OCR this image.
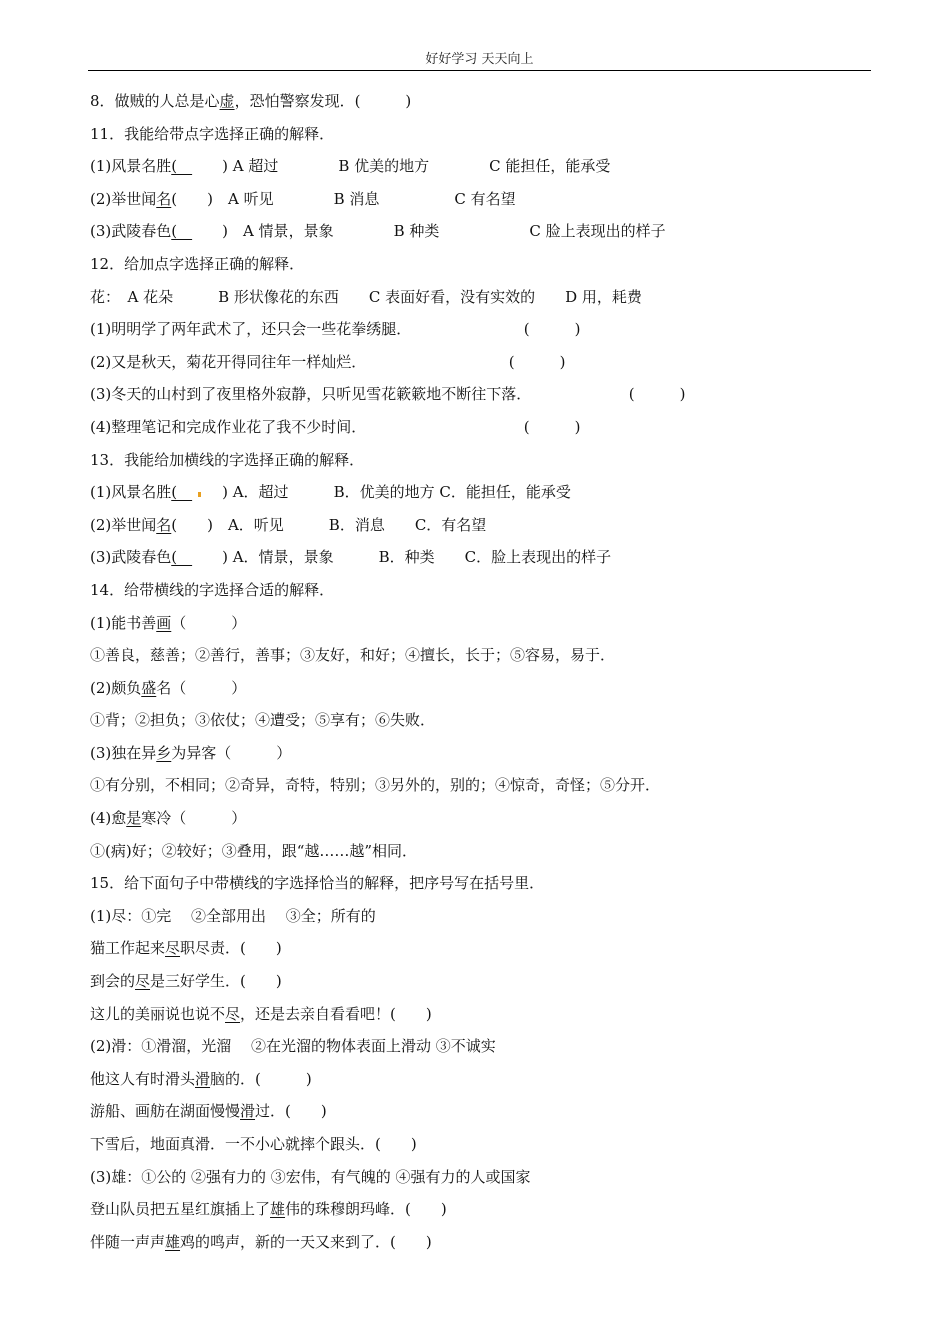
好好学习 天天向上
8．做贼的人总是心虚，恐怕警察发现．(　　　)
11．我能给带点字选择正确的解释．
(1)风景名胜(　　　) A 超过　　　　B 优美的地方　　　　C 能担任，能承受
(2)举世闻名(　　)　A 听见　　　　B 消息　　　　　C 有名望
(3)武陵春色(　　　)　A 情景，景象　　　　B 种类　　　　　　C 脸上表现出的样子
12．给加点字选择正确的解释．
花：　A 花朵　　　B 形状像花的东西　　C 表面好看，没有实效的　　D 用，耗费
(1)明明学了两年武术了，还只会一些花拳绣腿．　　　　　　　　(　　　)
(2)又是秋天，菊花开得同往年一样灿烂．　　　　　　　　　　(　　　)
(3)冬天的山村到了夜里格外寂静，只听见雪花簌簌地不断往下落．　　　　　　　(　　　)
(4)整理笔记和完成作业花了我不少时间．　　　　　　　　　　　(　　　)
13．我能给加横线的字选择正确的解释．
(1)风景名胜(　　) A．超过　　　B．优美的地方 C．能担任，能承受
(2)举世闻名(　　)　A．听见　　　B．消息　　C．有名望
(3)武陵春色(　　　) A．情景，景象　　　B．种类　　C．脸上表现出的样子
14．给带横线的字选择合适的解释．
(1)能书善画（　　　）
①善良，慈善；②善行，善事；③友好，和好；④擅长，长于；⑤容易，易于．
(2)颇负盛名（　　　）
①背；②担负；③依仗；④遭受；⑤享有；⑥失败．
(3)独在异乡为异客（　　　）
①有分别，不相同；②奇异，奇特，特别；③另外的，别的；④惊奇，奇怪；⑤分开．
(4)愈是寒冷（　　　）
①(病)好；②较好；③叠用，跟“越……越”相同．
15．给下面句子中带横线的字选择恰当的解释，把序号写在括号里．
(1)尽：①完　 ②全部用出　 ③全；所有的
猫工作起来尽职尽责．(　　)
到会的尽是三好学生．(　　)
这儿的美丽说也说不尽，还是去亲自看看吧！(　　)
(2)滑：①滑溜，光溜　 ②在光溜的物体表面上滑动 ③不诚实
他这人有时滑头滑脑的．(　　　)
游船、画舫在湖面慢慢滑过．(　　)
下雪后，地面真滑．一不小心就摔个跟头．(　　)
(3)雄：①公的 ②强有力的 ③宏伟，有气魄的 ④强有力的人或国家
登山队员把五星红旗插上了雄伟的珠穆朗玛峰．(　　)
伴随一声声雄鸡的鸣声，新的一天又来到了．(　　)
